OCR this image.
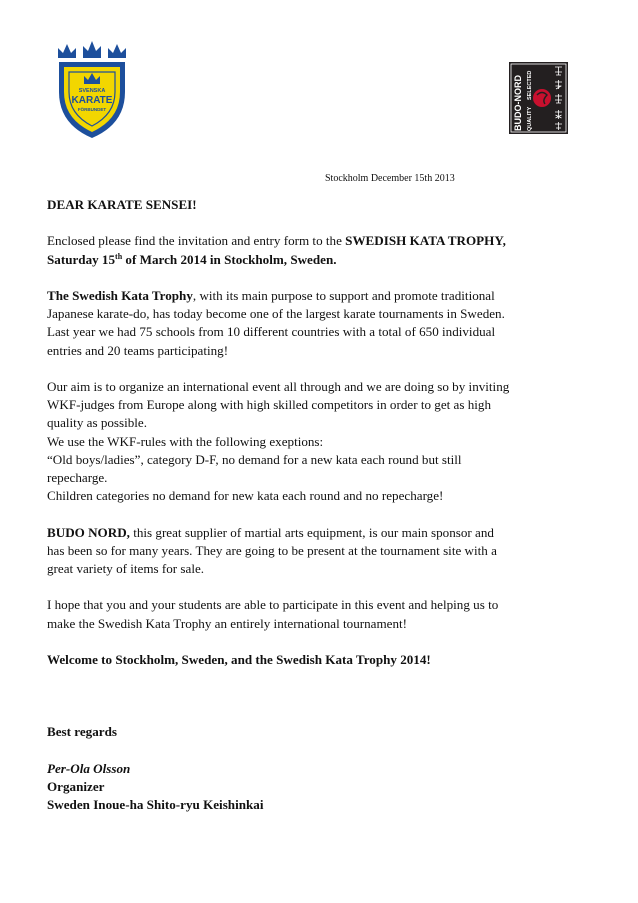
SVENSKA
KARATE
FÖRBUNDET	BUDO-NORD SELECTED
QUALITY
Stockholm December 15th 2013

DEAR KARATE SENSEI!

Enclosed please find the invitation and entry form to the SWEDISH KATA TROPHY,
Saturday 15th of March 2014 in Stockholm, Sweden.

The Swedish Kata Trophy, with its main purpose to support and promote traditional
Japanese karate-do, has today become one of the largest karate tournaments in Sweden.
Last year we had 75 schools from 10 different countries with a total of 650 individual
entries and 20 teams participating!

Our aim is to organize an international event all through and we are doing so by inviting
WKF-judges from Europe along with high skilled competitors in order to get as high
quality as possible.
We use the WKF-rules with the following exeptions:
“Old boys/ladies”, category D-F, no demand for a new kata each round but still
repecharge.
Children categories no demand for new kata each round and no repecharge!

BUDO NORD, this great supplier of martial arts equipment, is our main sponsor and
has been so for many years. They are going to be present at the tournament site with a
great variety of items for sale.

I hope that you and your students are able to participate in this event and helping us to
make the Swedish Kata Trophy an entirely international tournament!

Welcome to Stockholm, Sweden, and the Swedish Kata Trophy 2014!

Best regards

Per-Ola Olsson
Organizer
Sweden Inoue-ha Shito-ryu Keishinkai
